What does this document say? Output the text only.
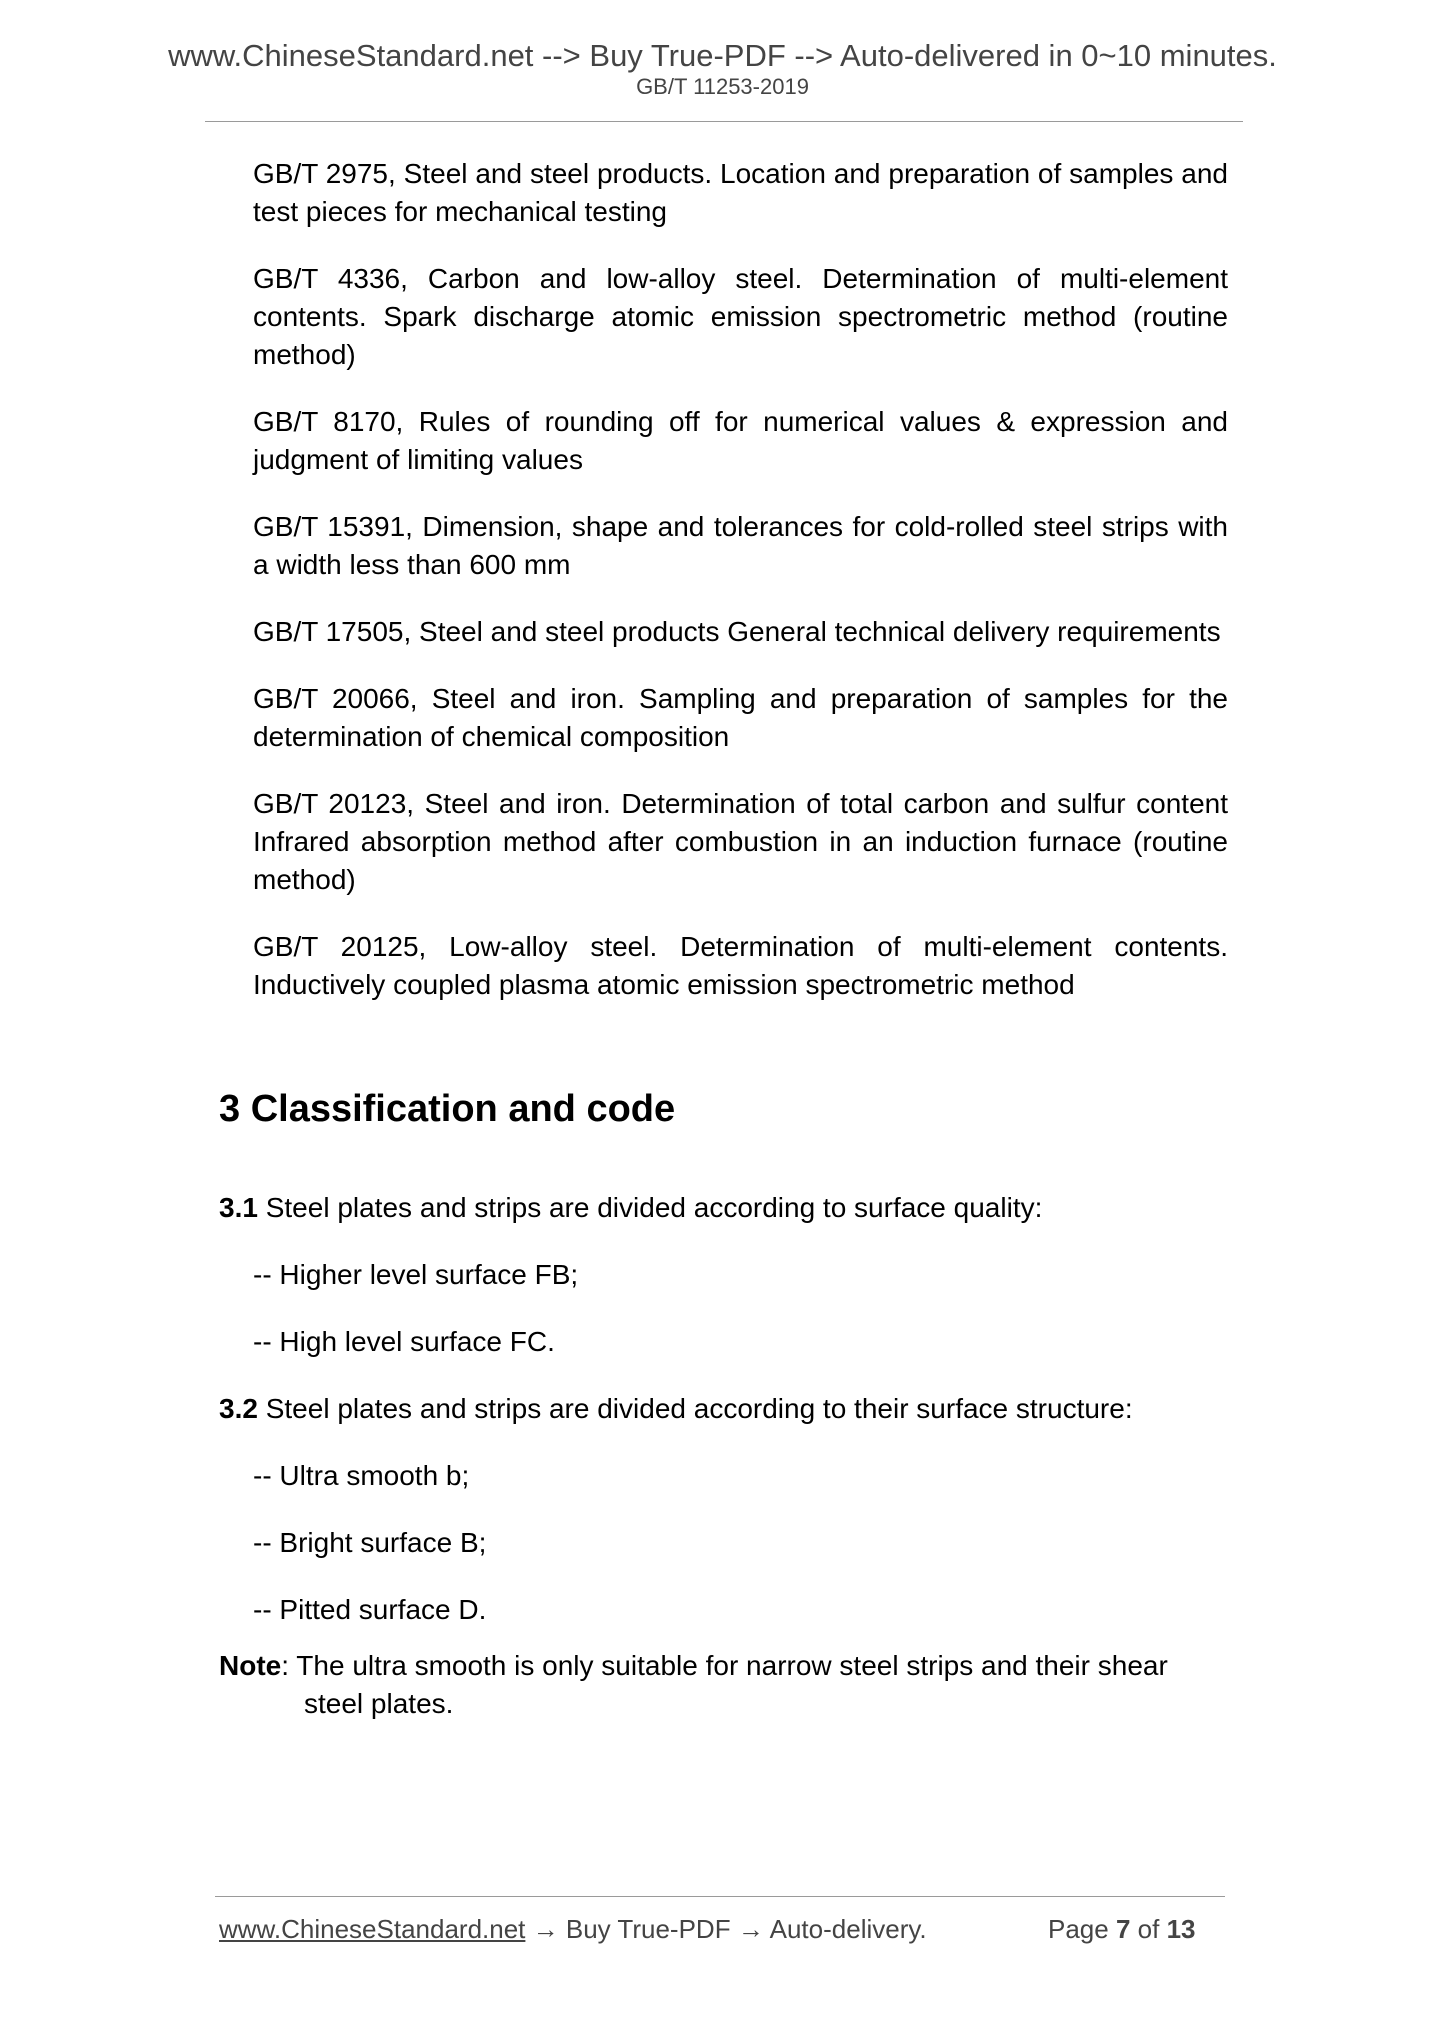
www.ChineseStandard.net --> Buy True-PDF --> Auto-delivered in 0~10 minutes.
GB/T 11253-2019
GB/T 2975, Steel and steel products. Location and preparation of samples and test pieces for mechanical testing
GB/T 4336, Carbon and low-alloy steel. Determination of multi-element contents. Spark discharge atomic emission spectrometric method (routine method)
GB/T 8170, Rules of rounding off for numerical values & expression and judgment of limiting values
GB/T 15391, Dimension, shape and tolerances for cold-rolled steel strips with a width less than 600 mm
GB/T 17505, Steel and steel products General technical delivery requirements
GB/T 20066, Steel and iron. Sampling and preparation of samples for the determination of chemical composition
GB/T 20123, Steel and iron. Determination of total carbon and sulfur content Infrared absorption method after combustion in an induction furnace (routine method)
GB/T 20125, Low-alloy steel. Determination of multi-element contents. Inductively coupled plasma atomic emission spectrometric method
3 Classification and code
3.1 Steel plates and strips are divided according to surface quality:
-- Higher level surface FB;
-- High level surface FC.
3.2 Steel plates and strips are divided according to their surface structure:
-- Ultra smooth b;
-- Bright surface B;
-- Pitted surface D.
Note: The ultra smooth is only suitable for narrow steel strips and their shear
steel plates.
www.ChineseStandard.net → Buy True-PDF → Auto-delivery.	Page 7 of 13
